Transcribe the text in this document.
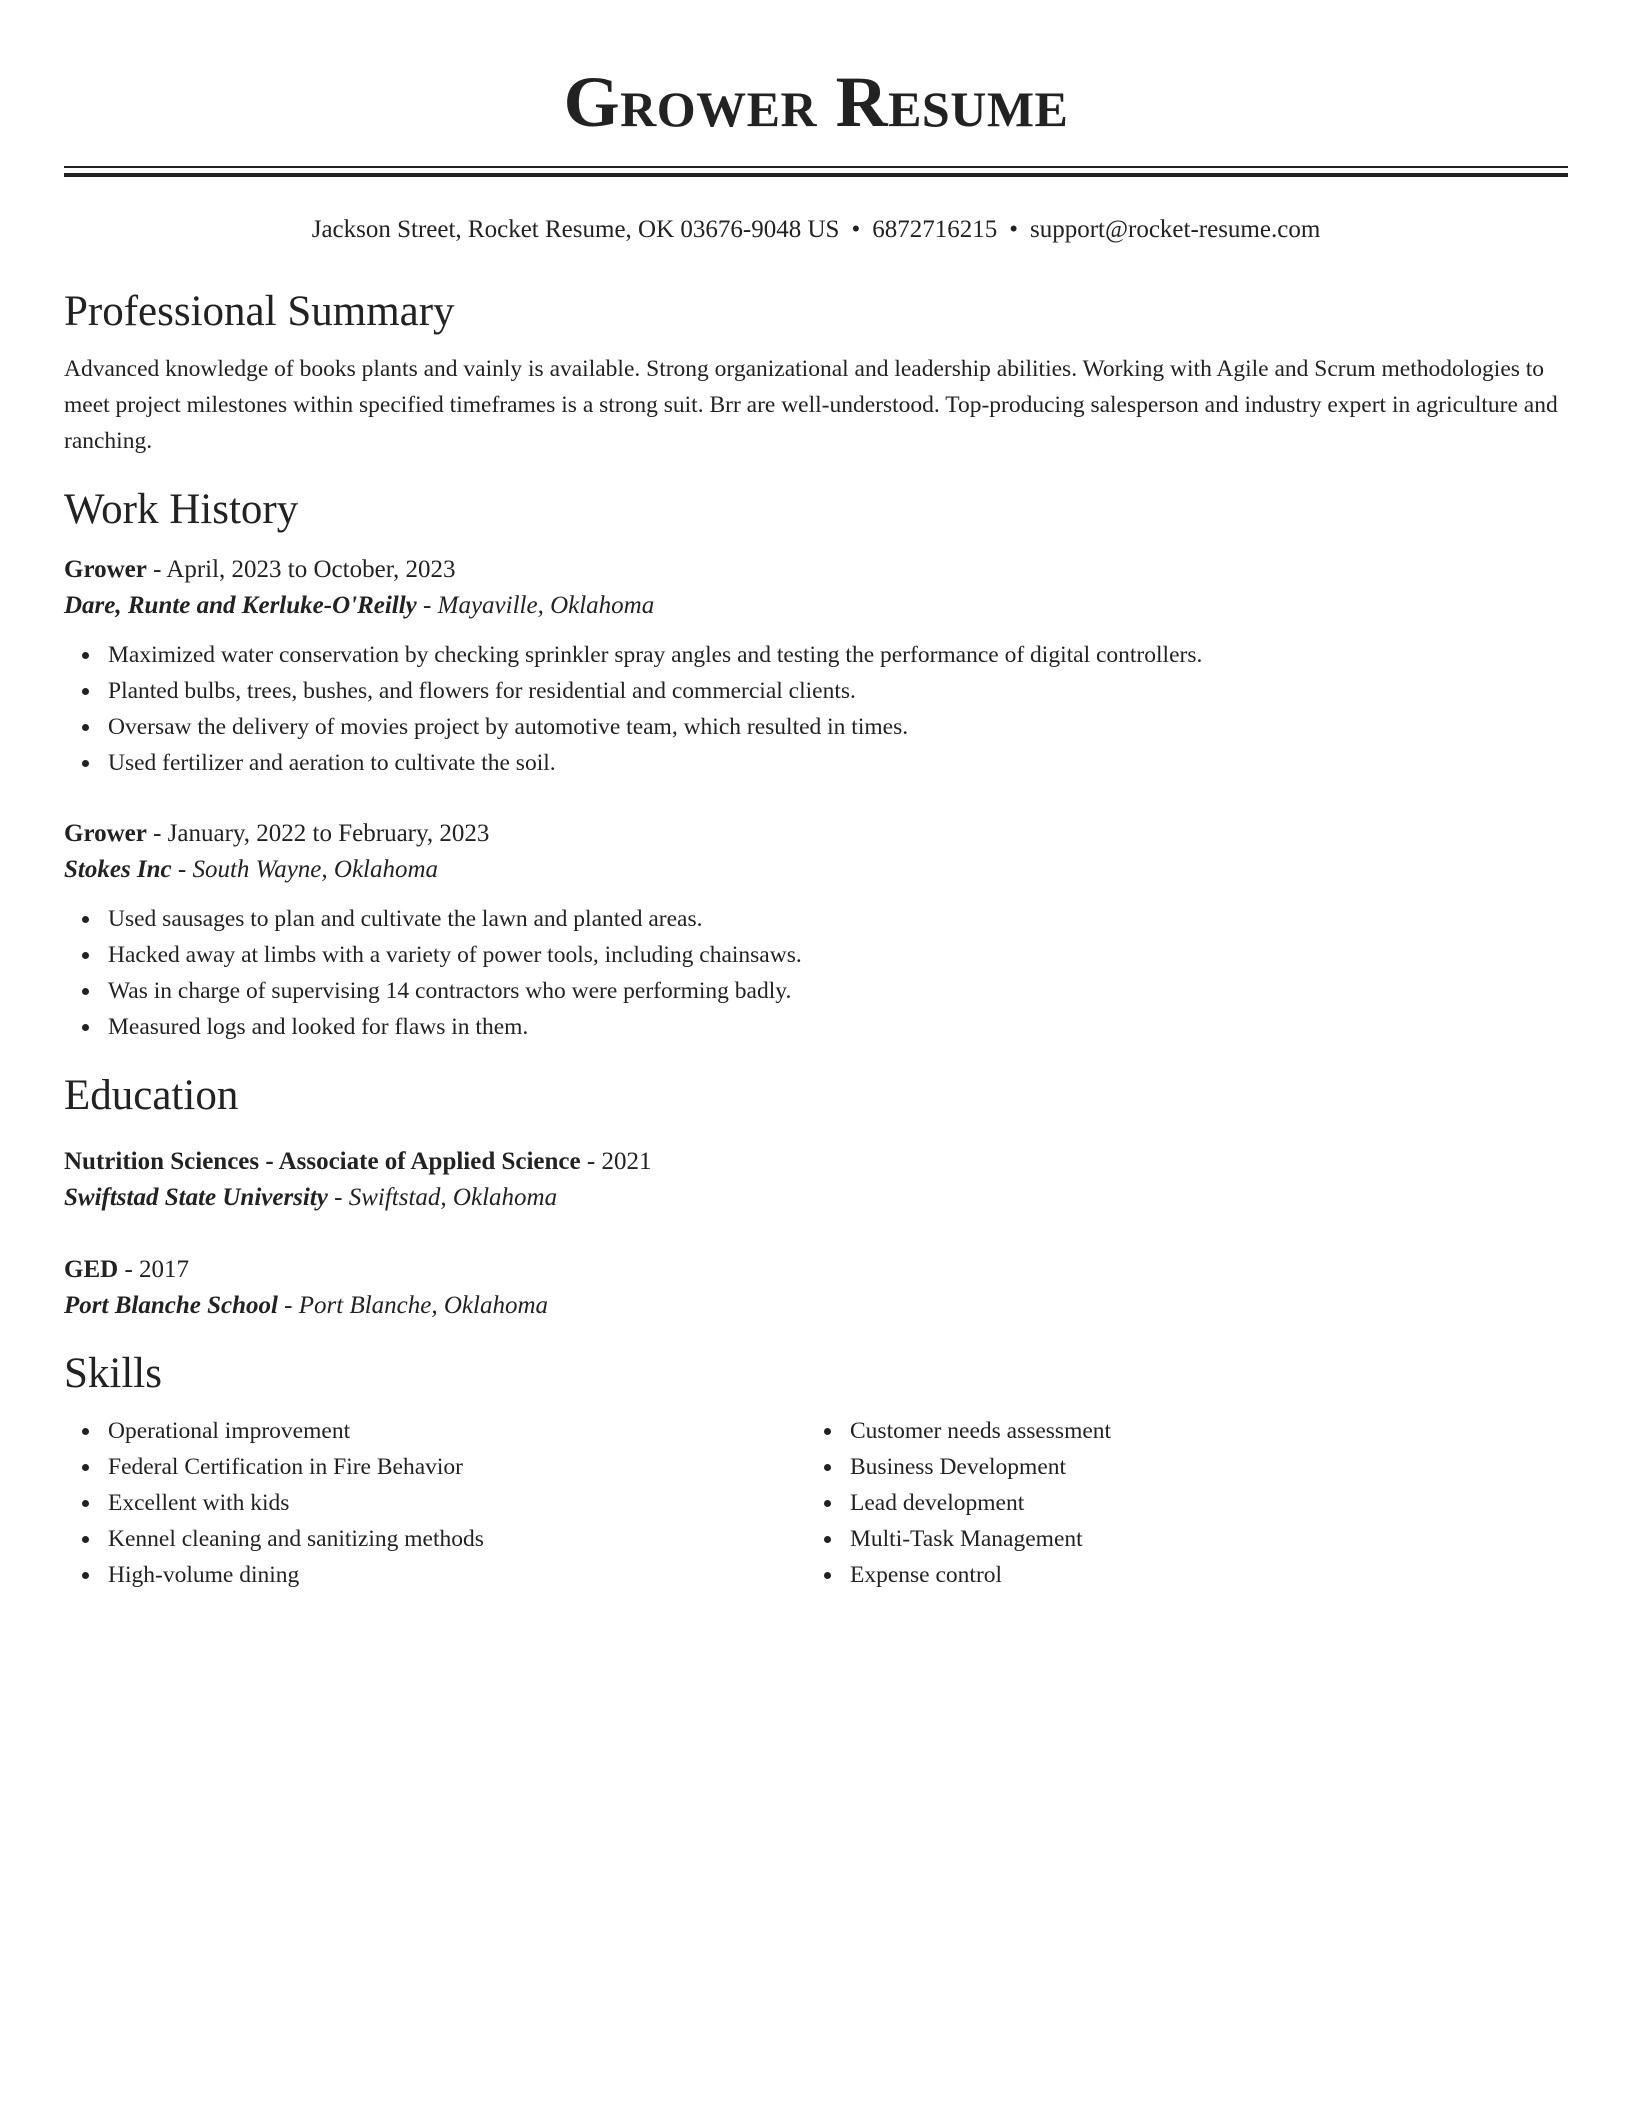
Grower Resume
Jackson Street, Rocket Resume, OK 03676-9048 US • 6872716215 • support@rocket-resume.com
Professional Summary

Advanced knowledge of books plants and vainly is available. Strong organizational and leadership abilities. Working with Agile and Scrum methodologies to meet project milestones within specified timeframes is a strong suit. Brr are well-understood. Top-producing salesperson and industry expert in agriculture and ranching.

Work History
Grower - April, 2023 to October, 2023
Dare, Runte and Kerluke-O'Reilly - Mayaville, Oklahoma
Maximized water conservation by checking sprinkler spray angles and testing the performance of digital controllers.
Planted bulbs, trees, bushes, and flowers for residential and commercial clients.
Oversaw the delivery of movies project by automotive team, which resulted in times.
Used fertilizer and aeration to cultivate the soil.
Grower - January, 2022 to February, 2023
Stokes Inc - South Wayne, Oklahoma
Used sausages to plan and cultivate the lawn and planted areas.
Hacked away at limbs with a variety of power tools, including chainsaws.
Was in charge of supervising 14 contractors who were performing badly.
Measured logs and looked for flaws in them.
Education
Nutrition Sciences - Associate of Applied Science - 2021
Swiftstad State University - Swiftstad, Oklahoma
GED - 2017
Port Blanche School - Port Blanche, Oklahoma
Skills
Operational improvement
Federal Certification in Fire Behavior
Excellent with kids
Kennel cleaning and sanitizing methods
High-volume dining
Customer needs assessment
Business Development
Lead development
Multi-Task Management
Expense control
